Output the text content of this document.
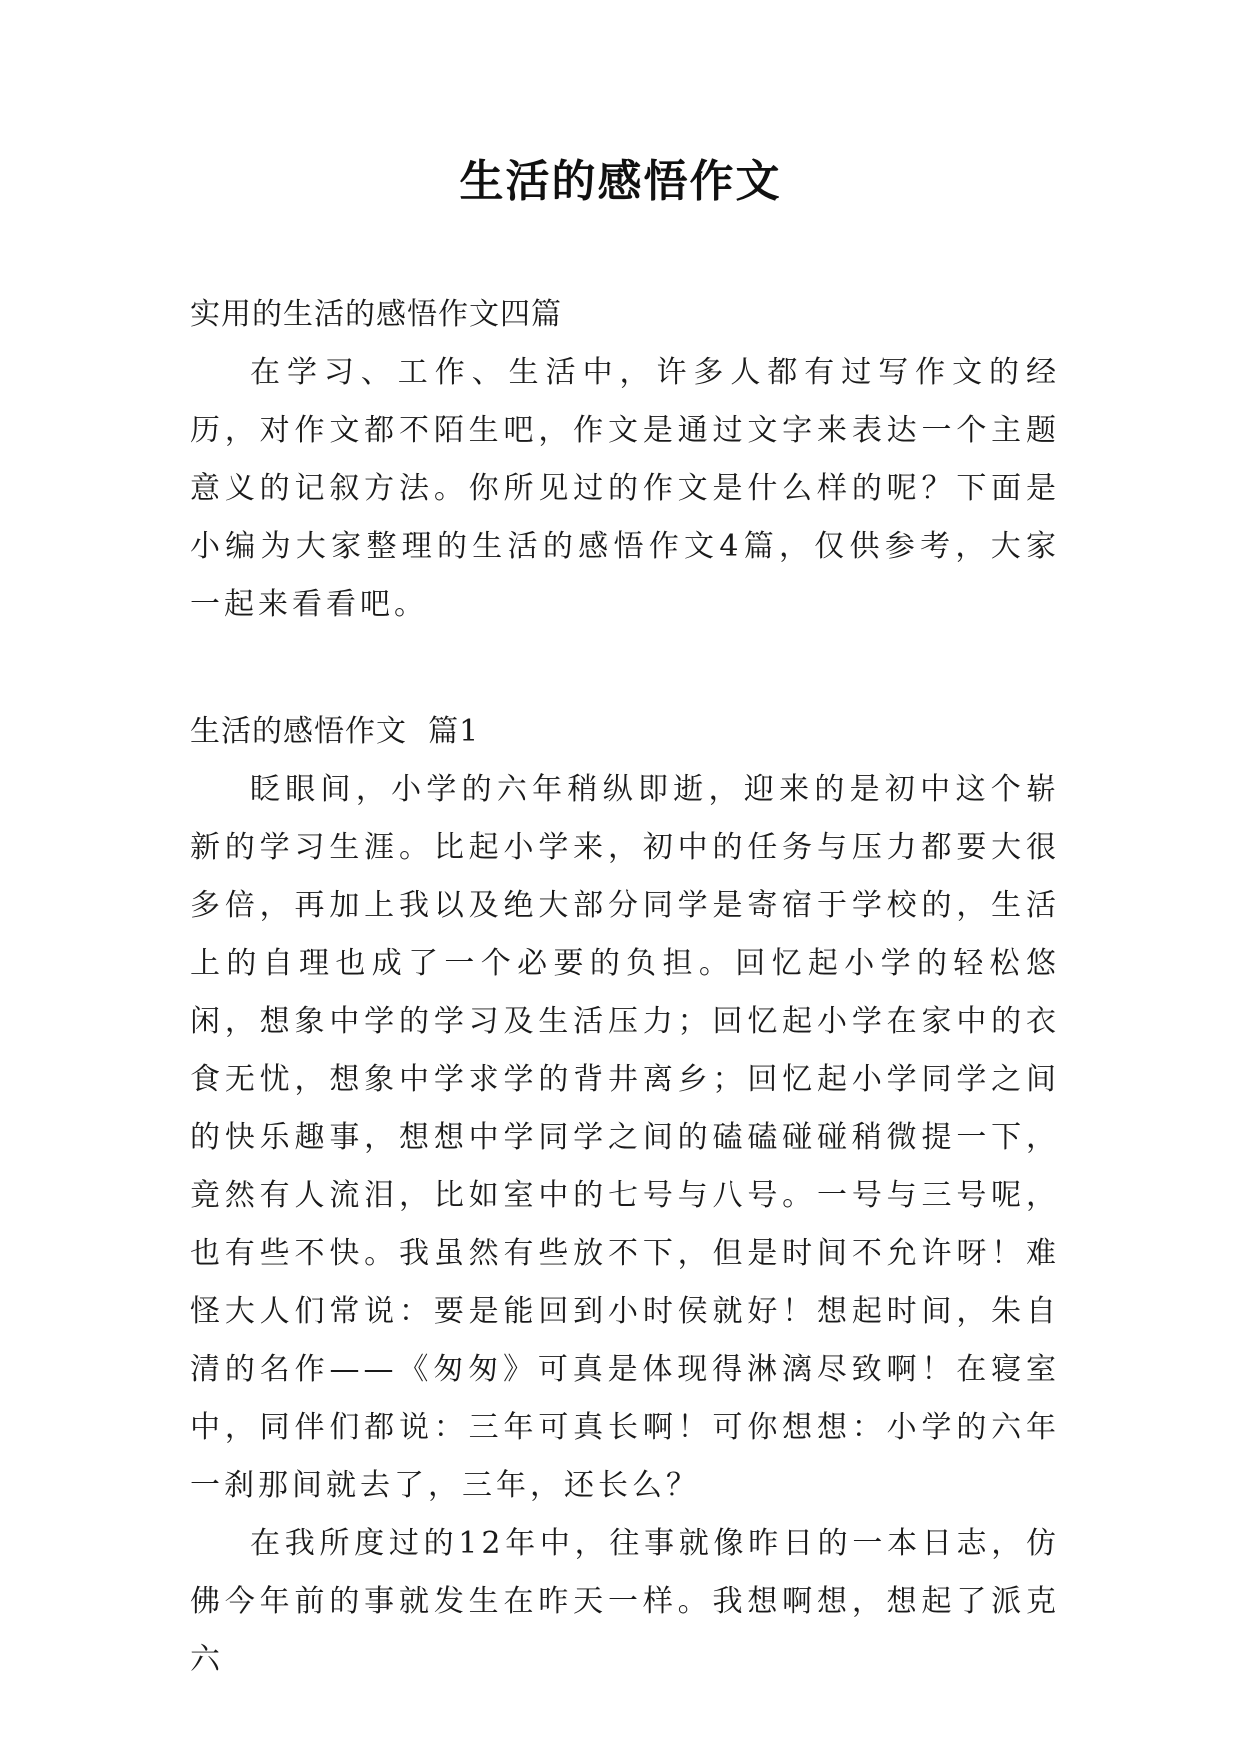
生活的感悟作文
实用的生活的感悟作文四篇

在学习、工作、生活中，许多人都有过写作文的经历，对作文都不陌生吧，作文是通过文字来表达一个主题意义的记叙方法。你所见过的作文是什么样的呢？下面是小编为大家整理的生活的感悟作文4篇，仅供参考，大家一起来看看吧。

生活的感悟作文  篇1

眨眼间，小学的六年稍纵即逝，迎来的是初中这个崭新的学习生涯。比起小学来，初中的任务与压力都要大很多倍，再加上我以及绝大部分同学是寄宿于学校的，生活上的自理也成了一个必要的负担。回忆起小学的轻松悠闲，想象中学的学习及生活压力；回忆起小学在家中的衣食无忧，想象中学求学的背井离乡；回忆起小学同学之间的快乐趣事，想想中学同学之间的磕磕碰碰稍微提一下，竟然有人流泪，比如室中的七号与八号。一号与三号呢，也有些不快。我虽然有些放不下，但是时间不允许呀！难怪大人们常说：要是能回到小时侯就好！想起时间，朱自清的名作——《匆匆》可真是体现得淋漓尽致啊！在寝室中，同伴们都说：三年可真长啊！可你想想：小学的六年一刹那间就去了，三年，还长么？

在我所度过的12年中，往事就像昨日的一本日志，仿佛今年前的事就发生在昨天一样。我想啊想，想起了派克六
